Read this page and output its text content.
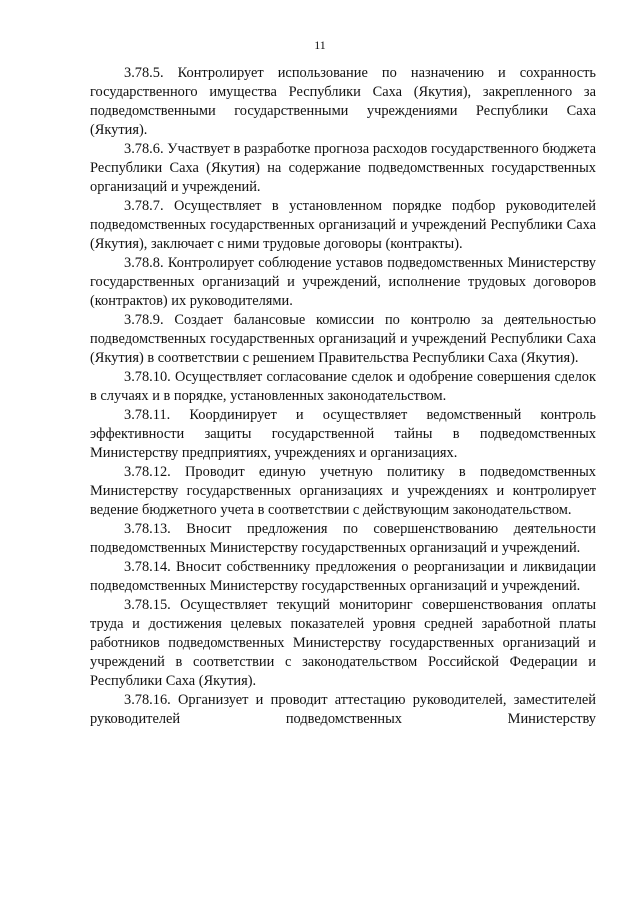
11

3.78.5. Контролирует использование по назначению и сохранность государственного имущества Республики Саха (Якутия), закрепленного за подведомственными государственными учреждениями Республики Саха (Якутия).

3.78.6. Участвует в разработке прогноза расходов государственного бюджета Республики Саха (Якутия) на содержание подведомственных государственных организаций и учреждений.

3.78.7. Осуществляет в установленном порядке подбор руководителей подведомственных государственных организаций и учреждений Республики Саха (Якутия), заключает с ними трудовые договоры (контракты).

3.78.8. Контролирует соблюдение уставов подведомственных Министерству государственных организаций и учреждений, исполнение трудовых договоров (контрактов) их руководителями.

3.78.9. Создает балансовые комиссии по контролю за деятельностью подведомственных государственных организаций и учреждений Республики Саха (Якутия) в соответствии с решением Правительства Республики Саха (Якутия).

3.78.10. Осуществляет согласование сделок и одобрение совершения сделок в случаях и в порядке, установленных законодательством.

3.78.11. Координирует и осуществляет ведомственный контроль эффективности защиты государственной тайны в подведомственных Министерству предприятиях, учреждениях и организациях.

3.78.12. Проводит единую учетную политику в подведомственных Министерству государственных организациях и учреждениях и контролирует ведение бюджетного учета в соответствии с действующим законодательством.

3.78.13. Вносит предложения по совершенствованию деятельности подведомственных Министерству государственных организаций и учреждений.

3.78.14. Вносит собственнику предложения о реорганизации и ликвидации подведомственных Министерству государственных организаций и учреждений.

3.78.15. Осуществляет текущий мониторинг совершенствования оплаты труда и достижения целевых показателей уровня средней заработной платы работников подведомственных Министерству государственных организаций и учреждений в соответствии с законодательством Российской Федерации и Республики Саха (Якутия).

3.78.16. Организует и проводит аттестацию руководителей, заместителей руководителей подведомственных Министерству
